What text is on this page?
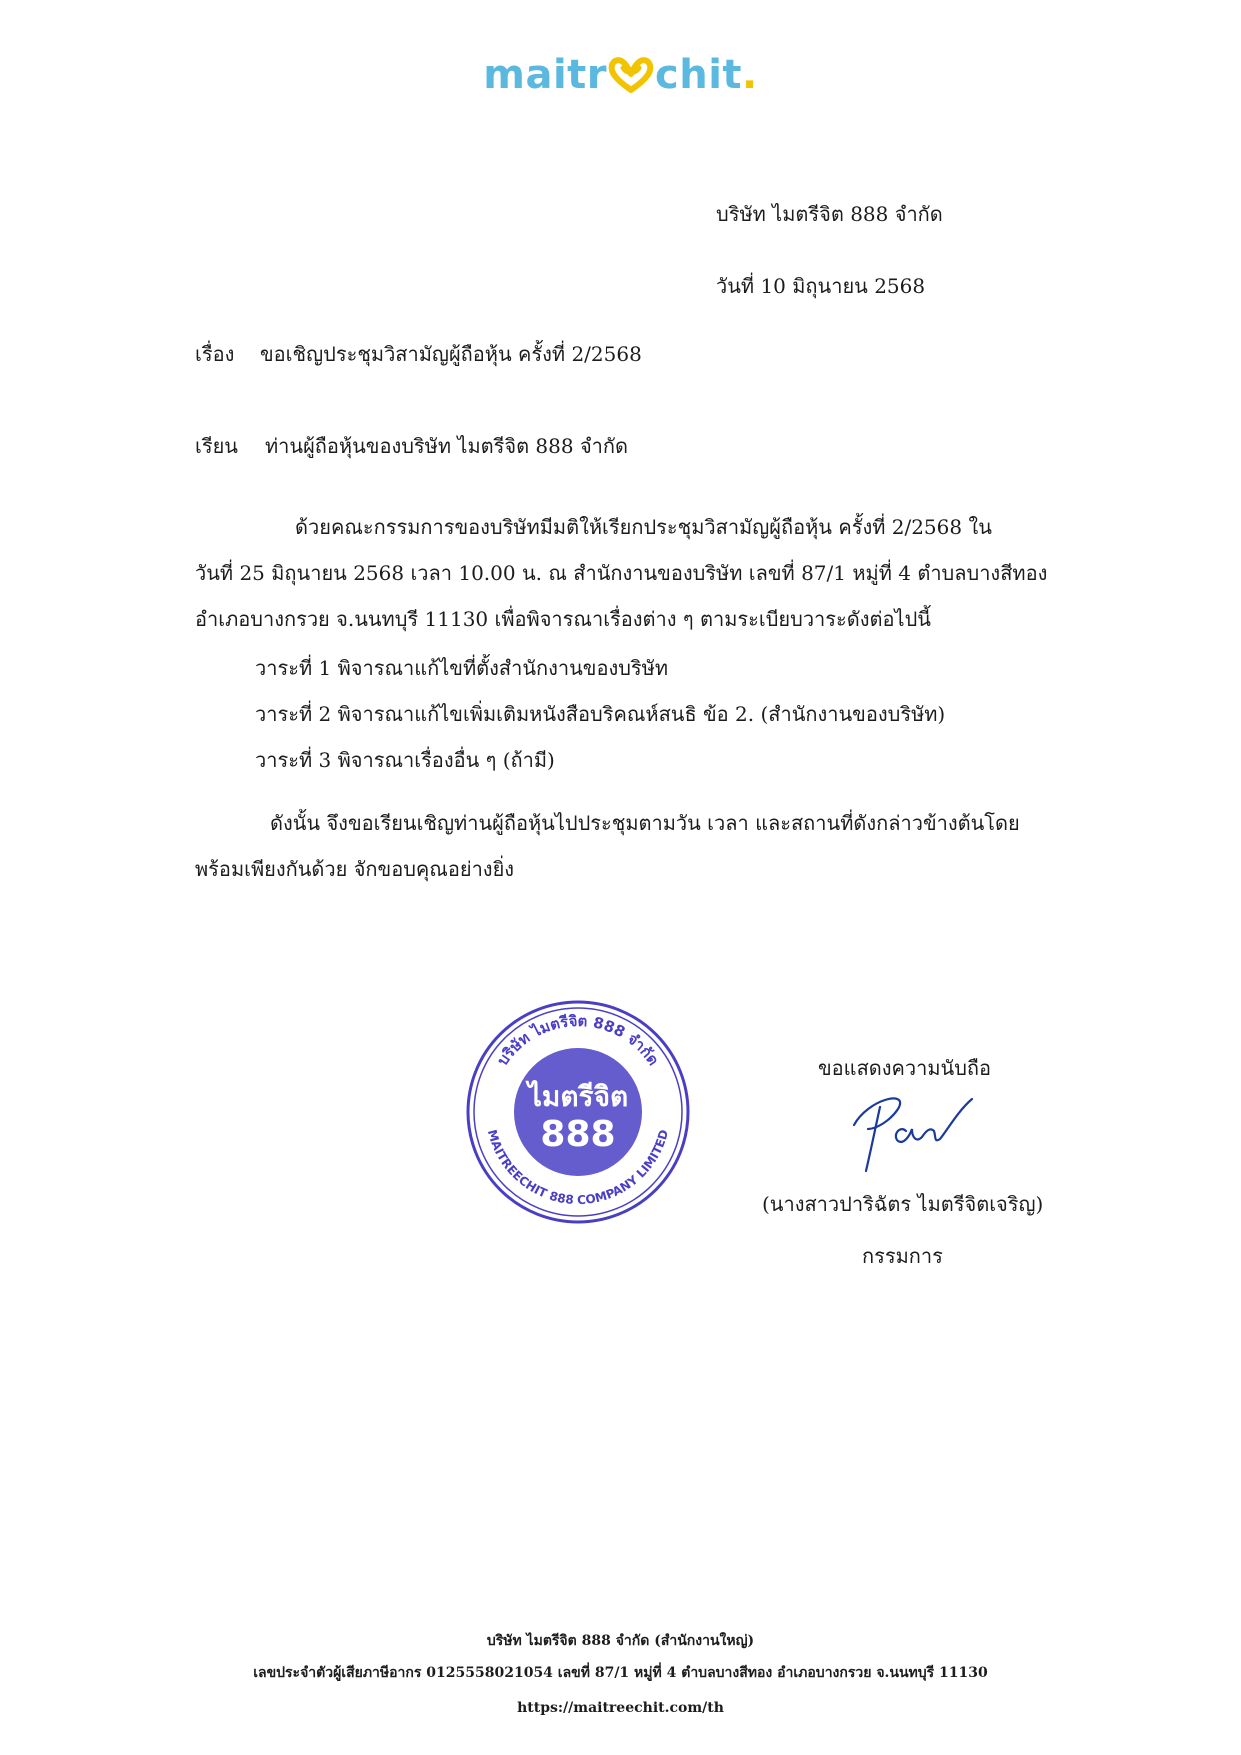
maitr chit.
บริษัท ไมตรีจิต 888 จำกัด
วันที่ 10 มิถุนายน 2568
เรื่อง ขอเชิญประชุมวิสามัญผู้ถือหุ้น ครั้งที่ 2/2568
เรียน ท่านผู้ถือหุ้นของบริษัท ไมตรีจิต 888 จำกัด
ด้วยคณะกรรมการของบริษัทมีมติให้เรียกประชุมวิสามัญผู้ถือหุ้น ครั้งที่ 2/2568 ใน
วันที่ 25 มิถุนายน 2568 เวลา 10.00 น. ณ สำนักงานของบริษัท เลขที่ 87/1 หมู่ที่ 4 ตำบลบางสีทอง
อำเภอบางกรวย จ.นนทบุรี 11130 เพื่อพิจารณาเรื่องต่าง ๆ ตามระเบียบวาระดังต่อไปนี้
วาระที่ 1 พิจารณาแก้ไขที่ตั้งสำนักงานของบริษัท
วาระที่ 2 พิจารณาแก้ไขเพิ่มเติมหนังสือบริคณห์สนธิ ข้อ 2. (สำนักงานของบริษัท)
วาระที่ 3 พิจารณาเรื่องอื่น ๆ (ถ้ามี)
ดังนั้น จึงขอเรียนเชิญท่านผู้ถือหุ้นไปประชุมตามวัน เวลา และสถานที่ดังกล่าวข้างต้นโดย
พร้อมเพียงกันด้วย จักขอบคุณอย่างยิ่ง
บริษัท ไมตรีจิต 888 จำกัด
MAITREECHIT 888 COMPANY LIMITED
ไมตรีจิต
888
ขอแสดงความนับถือ
(นางสาวปาริฉัตร ไมตรีจิตเจริญ)
กรรมการ
บริษัท ไมตรีจิต 888 จำกัด (สำนักงานใหญ่)
เลขประจำตัวผู้เสียภาษีอากร 0125558021054 เลขที่ 87/1 หมู่ที่ 4 ตำบลบางสีทอง อำเภอบางกรวย จ.นนทบุรี 11130
https://maitreechit.com/th
